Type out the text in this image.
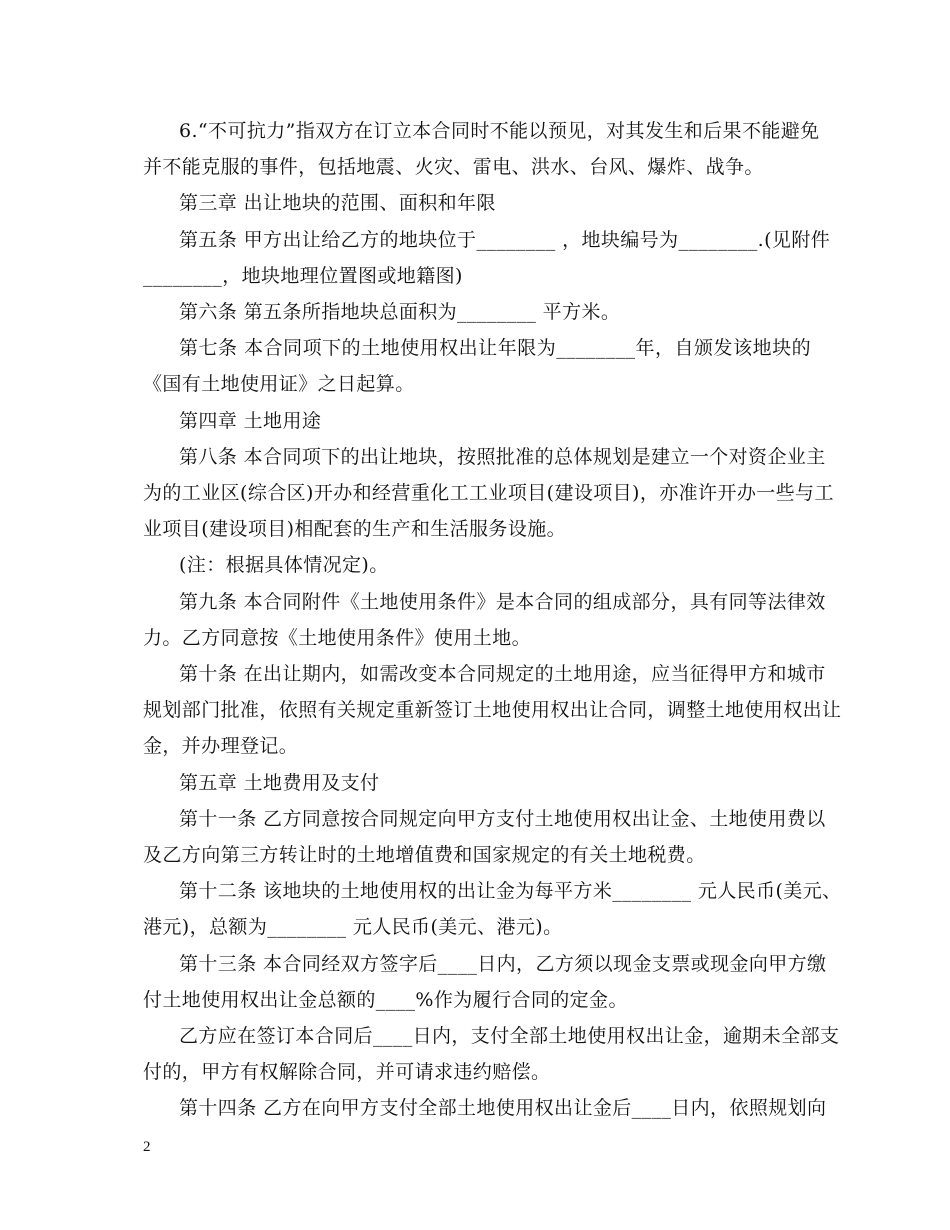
6.“不可抗力”指双方在订立本合同时不能以预见，对其发生和后果不能避免
并不能克服的事件，包括地震、火灾、雷电、洪水、台风、爆炸、战争。
第三章 出让地块的范围、面积和年限
第五条 甲方出让给乙方的地块位于________ ，地块编号为________.(见附件
________，地块地理位置图或地籍图)
第六条 第五条所指地块总面积为________ 平方米。
第七条 本合同项下的土地使用权出让年限为________年，自颁发该地块的
《国有土地使用证》之日起算。
第四章 土地用途
第八条 本合同项下的出让地块，按照批准的总体规划是建立一个对资企业主
为的工业区(综合区)开办和经营重化工工业项目(建设项目)，亦准许开办一些与工
业项目(建设项目)相配套的生产和生活服务设施。
(注：根据具体情况定)。
第九条 本合同附件《土地使用条件》是本合同的组成部分，具有同等法律效
力。乙方同意按《土地使用条件》使用土地。
第十条 在出让期内，如需改变本合同规定的土地用途，应当征得甲方和城市
规划部门批准，依照有关规定重新签订土地使用权出让合同，调整土地使用权出让
金，并办理登记。
第五章 土地费用及支付
第十一条 乙方同意按合同规定向甲方支付土地使用权出让金、土地使用费以
及乙方向第三方转让时的土地增值费和国家规定的有关土地税费。
第十二条 该地块的土地使用权的出让金为每平方米________ 元人民币(美元、
港元)，总额为________ 元人民币(美元、港元)。
第十三条 本合同经双方签字后____日内，乙方须以现金支票或现金向甲方缴
付土地使用权出让金总额的____%作为履行合同的定金。
乙方应在签订本合同后____日内，支付全部土地使用权出让金，逾期未全部支
付的，甲方有权解除合同，并可请求违约赔偿。
第十四条 乙方在向甲方支付全部土地使用权出让金后____日内，依照规划向
2
